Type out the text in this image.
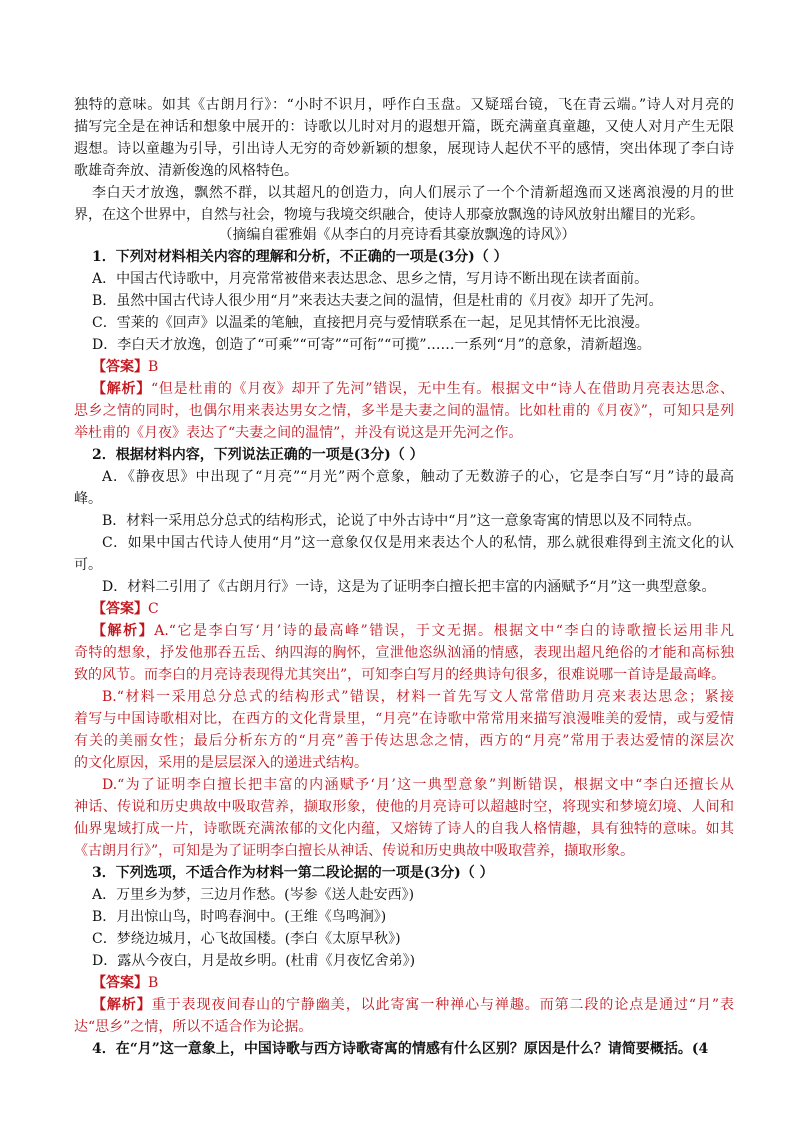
独特的意味。如其《古朗月行》：“小时不识月，呼作白玉盘。又疑瑶台镜，飞在青云端。”诗人对月亮的
描写完全是在神话和想象中展开的：诗歌以儿时对月的遐想开篇，既充满童真童趣，又使人对月产生无限
遐想。诗以童趣为引导，引出诗人无穷的奇妙新颖的想象，展现诗人起伏不平的感情，突出体现了李白诗
歌雄奇奔放、清新俊逸的风格特色。
李白天才放逸，飘然不群，以其超凡的创造力，向人们展示了一个个清新超逸而又迷离浪漫的月的世
界，在这个世界中，自然与社会，物境与我境交织融合，使诗人那豪放飘逸的诗风放射出耀目的光彩。
（摘编自霍雅娟《从李白的月亮诗看其豪放飘逸的诗风》）
1．下列对材料相关内容的理解和分析，不正确的一项是(3分)（ ）
A．中国古代诗歌中，月亮常常被借来表达思念、思乡之情，写月诗不断出现在读者面前。
B．虽然中国古代诗人很少用“月”来表达夫妻之间的温情，但是杜甫的《月夜》却开了先河。
C．雪莱的《回声》以温柔的笔触，直接把月亮与爱情联系在一起，足见其情怀无比浪漫。
D．李白天才放逸，创造了“可乘”“可寄”“可衔”“可揽”……一系列“月”的意象，清新超逸。
【答案】B
【解析】“但是杜甫的《月夜》却开了先河”错误，无中生有。根据文中“诗人在借助月亮表达思念、
思乡之情的同时，也偶尔用来表达男女之情，多半是夫妻之间的温情。比如杜甫的《月夜》”，可知只是列
举杜甫的《月夜》表达了“夫妻之间的温情”，并没有说这是开先河之作。
2．根据材料内容，下列说法正确的一项是(3分)（ ）
A．《静夜思》中出现了“月亮”“月光”两个意象，触动了无数游子的心，它是李白写“月”诗的最高
峰。
B．材料一采用总分总式的结构形式，论说了中外古诗中“月”这一意象寄寓的情思以及不同特点。
C．如果中国古代诗人使用“月”这一意象仅仅是用来表达个人的私情，那么就很难得到主流文化的认
可。
D．材料二引用了《古朗月行》一诗，这是为了证明李白擅长把丰富的内涵赋予“月”这一典型意象。
【答案】C
【解析】A.“它是李白写‘月’诗的最高峰”错误，于文无据。根据文中“李白的诗歌擅长运用非凡
奇特的想象，抒发他那吞五岳、纳四海的胸怀，宣泄他恣纵汹涌的情感，表现出超凡绝俗的才能和高标独
致的风节。而李白的月亮诗表现得尤其突出”，可知李白写月的经典诗句很多，很难说哪一首诗是最高峰。
B.“材料一采用总分总式的结构形式”错误，材料一首先写文人常常借助月亮来表达思念；紧接
着写与中国诗歌相对比，在西方的文化背景里，“月亮”在诗歌中常常用来描写浪漫唯美的爱情，或与爱情
有关的美丽女性；最后分析东方的“月亮”善于传达思念之情，西方的“月亮”常用于表达爱情的深层次
的文化原因，采用的是层层深入的递进式结构。
D.“为了证明李白擅长把丰富的内涵赋予‘月’这一典型意象”判断错误，根据文中“李白还擅长从
神话、传说和历史典故中吸取营养，撷取形象，使他的月亮诗可以超越时空，将现实和梦境幻境、人间和
仙界鬼域打成一片，诗歌既充满浓郁的文化内蕴，又熔铸了诗人的自我人格情趣，具有独特的意味。如其
《古朗月行》”，可知是为了证明李白擅长从神话、传说和历史典故中吸取营养，撷取形象。
3．下列选项，不适合作为材料一第二段论据的一项是(3分)（ ）
A．万里乡为梦，三边月作愁。(岑参《送人赴安西》)
B．月出惊山鸟，时鸣春涧中。(王维《鸟鸣涧》)
C．梦绕边城月，心飞故国楼。(李白《太原早秋》)
D．露从今夜白，月是故乡明。(杜甫《月夜忆舍弟》)
【答案】B
【解析】重于表现夜间春山的宁静幽美，以此寄寓一种禅心与禅趣。而第二段的论点是通过“月”表
达“思乡”之情，所以不适合作为论据。
4．在“月”这一意象上，中国诗歌与西方诗歌寄寓的情感有什么区别？原因是什么？请简要概括。(4
